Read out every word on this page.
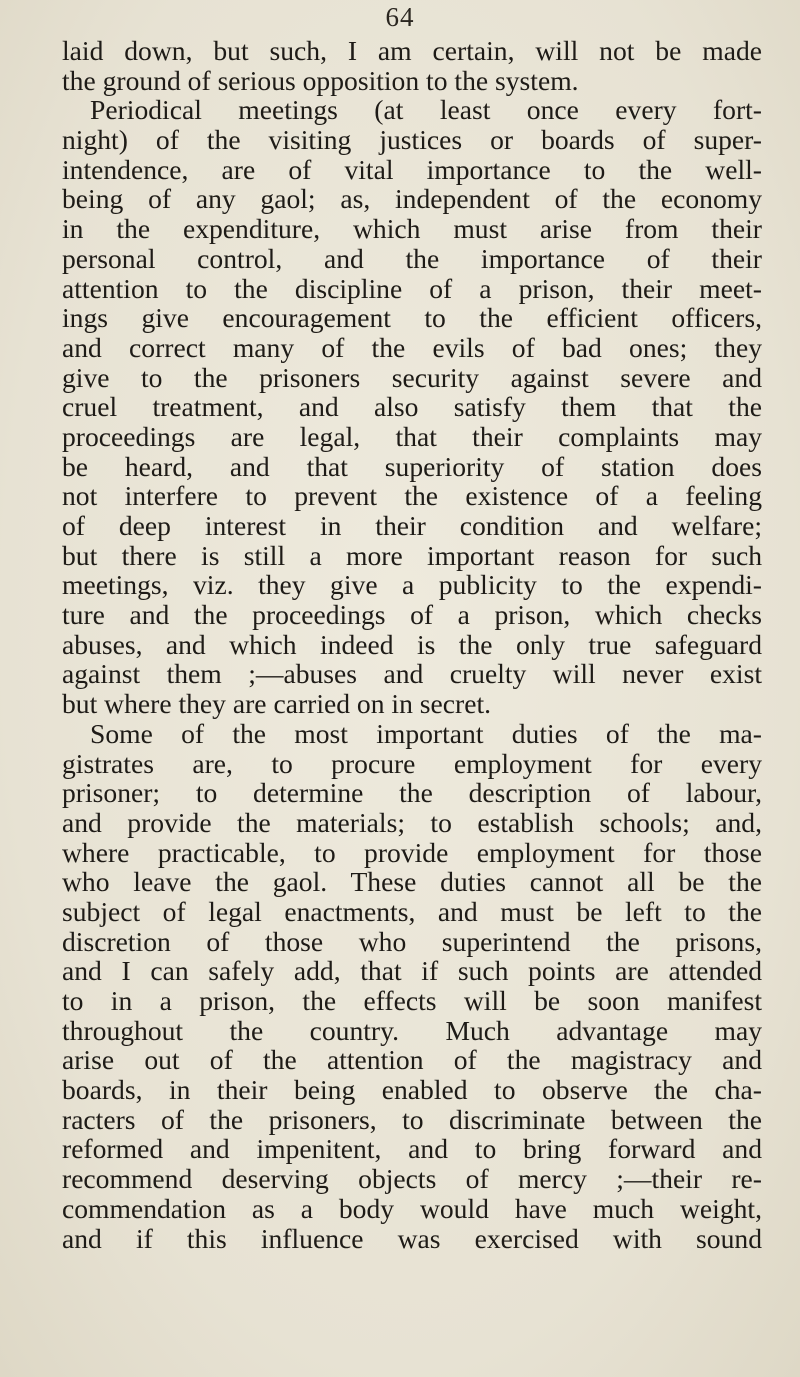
64
laid down, but such, I am certain, will not be made
the ground of serious opposition to the system.
Periodical meetings (at least once every fort-
night) of the visiting justices or boards of super-
intendence, are of vital importance to the well-
being of any gaol; as, independent of the economy
in the expenditure, which must arise from their
personal control, and the importance of their
attention to the discipline of a prison, their meet-
ings give encouragement to the efficient officers,
and correct many of the evils of bad ones; they
give to the prisoners security against severe and
cruel treatment, and also satisfy them that the
proceedings are legal, that their complaints may
be heard, and that superiority of station does
not interfere to prevent the existence of a feeling
of deep interest in their condition and welfare;
but there is still a more important reason for such
meetings, viz. they give a publicity to the expendi-
ture and the proceedings of a prison, which checks
abuses, and which indeed is the only true safeguard
against them ;—abuses and cruelty will never exist
but where they are carried on in secret.
Some of the most important duties of the ma-
gistrates are, to procure employment for every
prisoner; to determine the description of labour,
and provide the materials; to establish schools; and,
where practicable, to provide employment for those
who leave the gaol. These duties cannot all be the
subject of legal enactments, and must be left to the
discretion of those who superintend the prisons,
and I can safely add, that if such points are attended
to in a prison, the effects will be soon manifest
throughout the country. Much advantage may
arise out of the attention of the magistracy and
boards, in their being enabled to observe the cha-
racters of the prisoners, to discriminate between the
reformed and impenitent, and to bring forward and
recommend deserving objects of mercy ;—their re-
commendation as a body would have much weight,
and if this influence was exercised with sound
